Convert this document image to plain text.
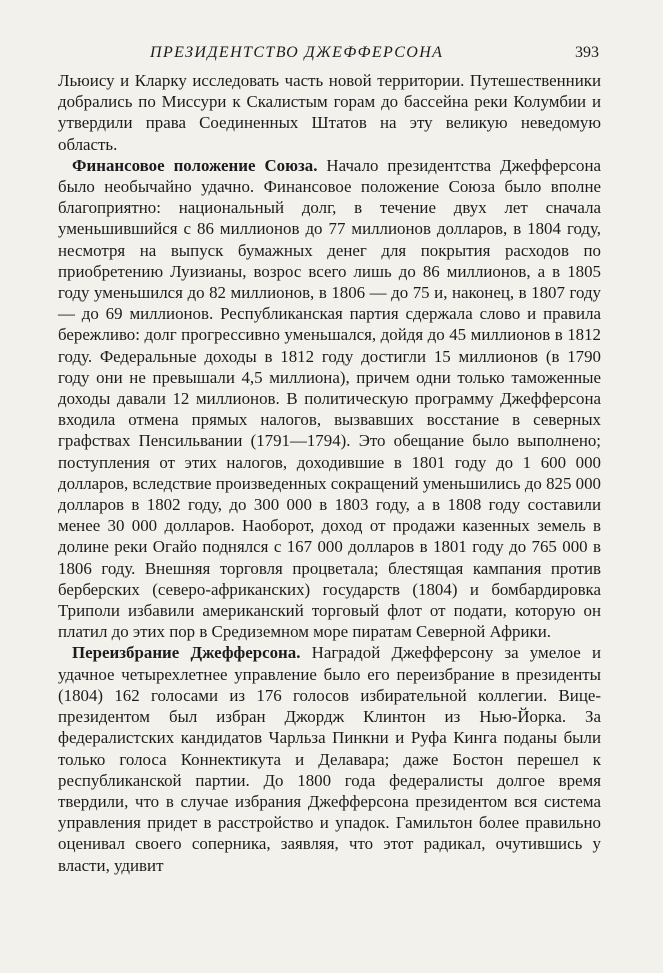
ПРЕЗИДЕНТСТВО ДЖЕФФЕРСОНА	393

Льюису и Кларку исследовать часть новой территории. Путешественники добрались по Миссури к Скалистым горам до бассейна реки Колумбии и утвердили права Соединенных Штатов на эту великую неведомую область.

Финансовое положение Союза. Начало президентства Джефферсона было необычайно удачно. Финансовое положение Союза было вполне благоприятно: национальный долг, в течение двух лет сначала уменьшившийся с 86 миллионов до 77 миллионов долларов, в 1804 году, несмотря на выпуск бумажных денег для покрытия расходов по приобретению Луизианы, возрос всего лишь до 86 миллионов, а в 1805 году уменьшился до 82 миллионов, в 1806 — до 75 и, наконец, в 1807 году — до 69 миллионов. Республиканская партия сдержала слово и правила бережливо: долг прогрессивно уменьшался, дойдя до 45 миллионов в 1812 году. Федеральные доходы в 1812 году достигли 15 миллионов (в 1790 году они не превышали 4,5 миллиона), причем одни только таможенные доходы давали 12 миллионов. В политическую программу Джефферсона входила отмена прямых налогов, вызвавших восстание в северных графствах Пенсильвании (1791—1794). Это обещание было выполнено; поступления от этих налогов, доходившие в 1801 году до 1 600 000 долларов, вследствие произведенных сокращений уменьшились до 825 000 долларов в 1802 году, до 300 000 в 1803 году, а в 1808 году составили менее 30 000 долларов. Наоборот, доход от продажи казенных земель в долине реки Огайо поднялся с 167 000 долларов в 1801 году до 765 000 в 1806 году. Внешняя торговля процветала; блестящая кампания против берберских (северо-африканских) государств (1804) и бомбардировка Триполи избавили американский торговый флот от подати, которую он платил до этих пор в Средиземном море пиратам Северной Африки.

Переизбрание Джефферсона. Наградой Джефферсону за умелое и удачное четырехлетнее управление было его переизбрание в президенты (1804) 162 голосами из 176 голосов избирательной коллегии. Вице-президентом был избран Джордж Клинтон из Нью-Йорка. За федералистских кандидатов Чарльза Пинкни и Руфа Кинга поданы были только голоса Коннектикута и Делавара; даже Бостон перешел к республиканской партии. До 1800 года федералисты долгое время твердили, что в случае избрания Джефферсона президентом вся система управления придет в расстройство и упадок. Гамильтон более правильно оценивал своего соперника, заявляя, что этот радикал, очутившись у власти, удивит
